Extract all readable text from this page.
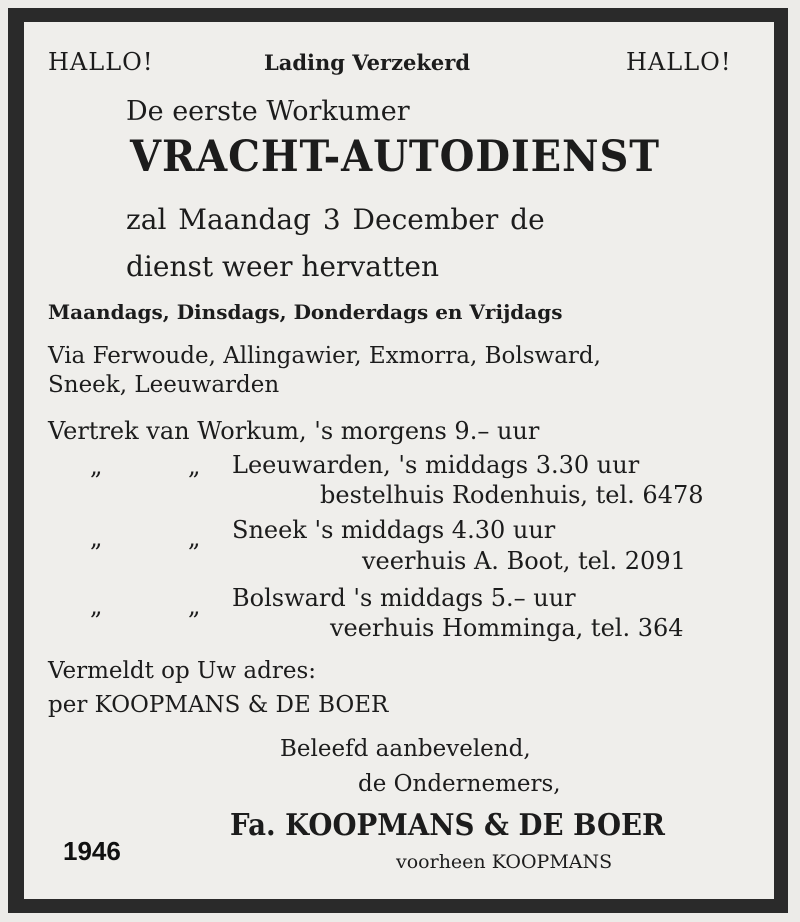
HALLO!	Lading Verzekerd	HALLO!
De eerste Workumer
VRACHT-AUTODIENST
zal Maandag 3 December de
dienst weer hervatten
Maandags, Dinsdags, Donderdags en Vrijdags
Via Ferwoude, Allingawier, Exmorra, Bolsward,
Sneek, Leeuwarden
Vertrek van Workum, 's morgens 9.– uur
„	„ Leeuwarden, 's middags 3.30 uur
bestelhuis Rodenhuis, tel. 6478
„	„ Sneek 's middags 4.30 uur
veerhuis A. Boot, tel. 2091
„	„ Bolsward 's middags 5.– uur
veerhuis Homminga, tel. 364
Vermeldt op Uw adres:
per KOOPMANS & DE BOER
Beleefd aanbevelend,
de Ondernemers,
Fa. KOOPMANS & DE BOER
voorheen KOOPMANS
1946
